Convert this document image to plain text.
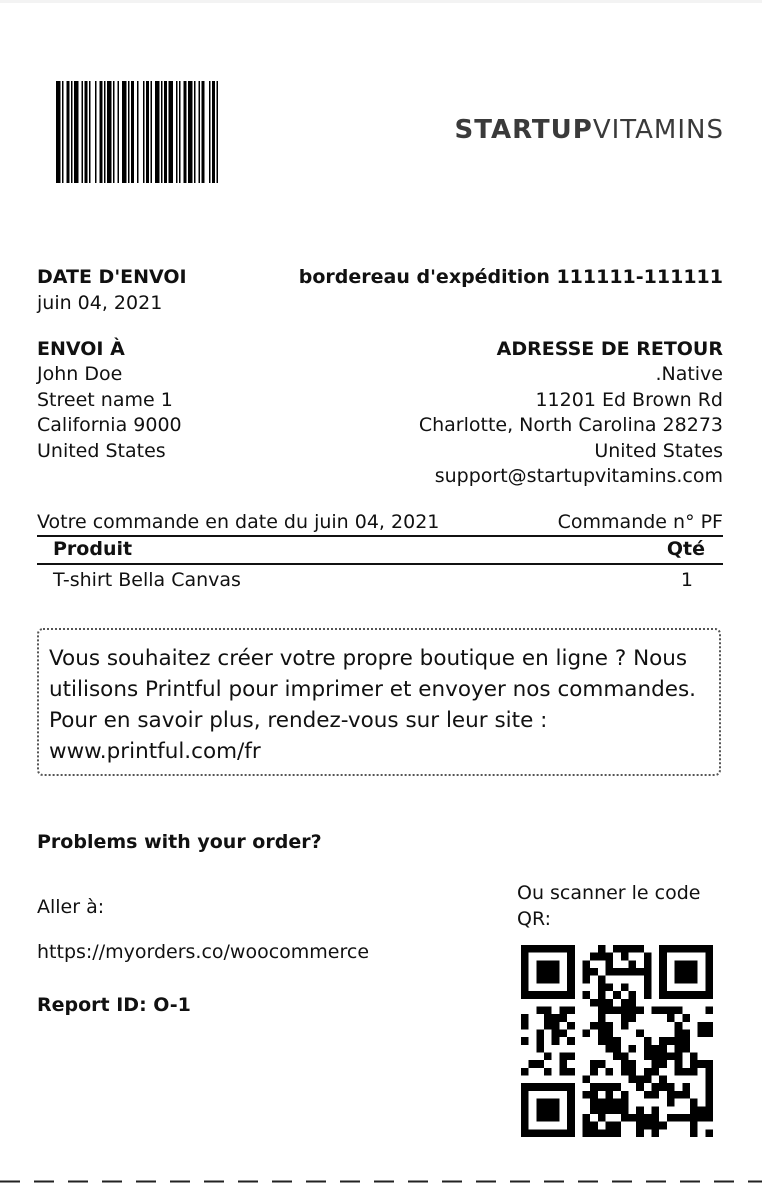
STARTUPVITAMINS
DATE D'ENVOI
juin 04, 2021
bordereau d'expédition 111111-111111
ENVOI À
John Doe
Street name 1
California 9000
United States
ADRESSE DE RETOUR
.Native
11201 Ed Brown Rd
Charlotte, North Carolina 28273
United States
support@startupvitamins.com
Votre commande en date du juin 04, 2021	Commande n° PF
Produit	Qté
T-shirt Bella Canvas	1
Vous souhaitez créer votre propre boutique en ligne ? Nous utilisons Printful pour imprimer et envoyer nos commandes. Pour en savoir plus, rendez-vous sur leur site : www.printful.com/fr
Problems with your order?
Aller à:
https://myorders.co/woocommerce
Report ID: O-1
Ou scanner le code
QR:
